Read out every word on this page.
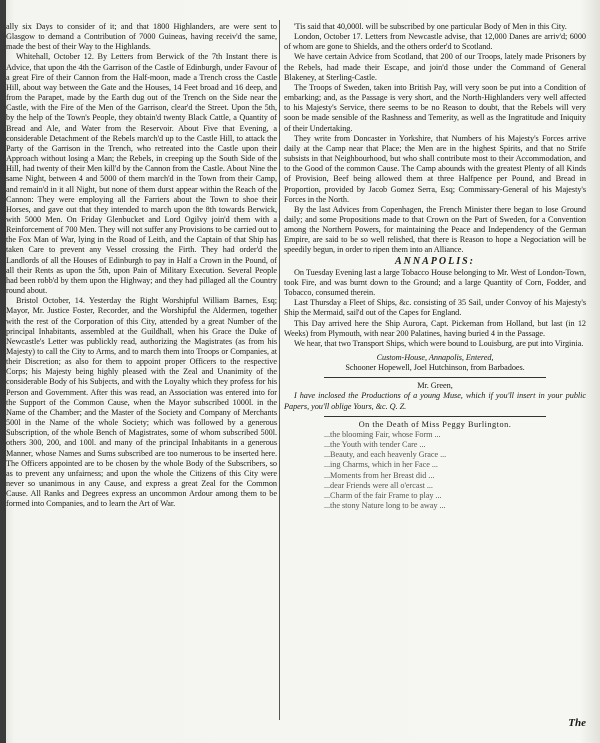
ally six Days to consider of it; and that 1800 Highlanders, are were sent to Glasgow to demand a Contribution of 7000 Guineas, having receiv'd the same, made the best of their Way to the Highlands.

Whitehall, October 12. By Letters from Berwick of the 7th Instant there is Advice, that upon the 4th the Garrison of the Castle of Edinburgh, under Favour of a great Fire of their Cannon from the Half-moon, made a Trench cross the Castle Hill, about way between the Gate and the Houses, 14 Feet broad and 16 deep, and from the Parapet, made by the Earth dug out of the Trench on the Side near the Castle, with the Fire of the Men of the Garrison, clear'd the Street. Upon the 5th, by the help of the Town's People, they obtain'd twenty Black Cattle, a Quantity of Bread and Ale, and Water from the Reservoir. About Five that Evening, a considerable Detachment of the Rebels march'd up to the Castle Hill, to attack the Party of the Garrison in the Trench, who retreated into the Castle upon their Approach without losing a Man; the Rebels, in creeping up the South Side of the Hill, had twenty of their Men kill'd by the Cannon from the Castle. About Nine the same Night, between 4 and 5000 of them march'd in the Town from their Camp, and remain'd in it all Night, but none of them durst appear within the Reach of the Cannon: They were employing all the Farriers about the Town to shoe their Horses, and gave out that they intended to march upon the 8th towards Berwick, with 5000 Men. On Friday Glenbucket and Lord Ogilvy join'd them with a Reinforcement of 700 Men. They will not suffer any Provisions to be carried out to the Fox Man of War, lying in the Road of Leith, and the Captain of that Ship has taken Care to prevent any Vessel crossing the Firth. They had order'd the Landlords of all the Houses of Edinburgh to pay in Half a Crown in the Pound, of all their Rents as upon the 5th, upon Pain of Military Execution. Several People had been robb'd by them upon the Highway; and they had pillaged all the Country round about.

Bristol October, 14. Yesterday the Right Worshipful William Barnes, Esq; Mayor, Mr. Justice Foster, Recorder, and the Worshipful the Aldermen, together with the rest of the Corporation of this City, attended by a great Number of the principal Inhabitants, assembled at the Guildhall, when his Grace the Duke of Newcastle's Letter was publickly read, authorizing the Magistrates (as from his Majesty) to call the City to Arms, and to march them into Troops or Companies, at their Discretion; as also for them to appoint proper Officers to the respective Corps; his Majesty being highly pleased with the Zeal and Unanimity of the considerable Body of his Subjects, and with the Loyalty which they profess for his Person and Government. After this was read, an Association was entered into for the Support of the Common Cause, when the Mayor subscribed 1000l. in the Name of the Chamber; and the Master of the Society and Company of Merchants 500l in the Name of the whole Society; which was followed by a generous Subscription, of the whole Bench of Magistrates, some of whom subscribed 500l. others 300, 200, and 100l. and many of the principal Inhabitants in a generous Manner, whose Names and Sums subscribed are too numerous to be inserted here. The Officers appointed are to be chosen by the whole Body of the Subscribers, so as to prevent any unfairness; and upon the whole the Citizens of this City were never so unanimous in any Cause, and express a great Zeal for the Common Cause. All Ranks and Degrees express an uncommon Ardour among them to be formed into Companies, and to learn the Art of War.

'Tis said that 40,000l. will be subscribed by one particular Body of Men in this City.

London, October 17. Letters from Newcastle advise, that 12,000 Danes are arriv'd; 6000 of whom are gone to Shields, and the others order'd to Scotland.

We have certain Advice from Scotland, that 200 of our Troops, lately made Prisoners by the Rebels, had made their Escape, and join'd those under the Command of General Blakeney, at Sterling-Castle.

The Troops of Sweden, taken into British Pay, will very soon be put into a Condition of embarking; and, as the Passage is very short, and the North-Highlanders very well affected to his Majesty's Service, there seems to be no Reason to doubt, that the Rebels will very soon be made sensible of the Rashness and Temerity, as well as the Ingratitude and Iniquity of their Undertaking.

They write from Doncaster in Yorkshire, that Numbers of his Majesty's Forces arrive daily at the Camp near that Place; the Men are in the highest Spirits, and that no Strife subsists in that Neighbourhood, but who shall contribute most to their Accommodation, and to the Good of the common Cause. The Camp abounds with the greatest Plenty of all Kinds of Provision, Beef being allowed them at three Halfpence per Pound, and Bread in Proportion, provided by Jacob Gomez Serra, Esq; Commissary-General of his Majesty's Forces in the North.

By the last Advices from Copenhagen, the French Minister there began to lose Ground daily; and some Propositions made to that Crown on the Part of Sweden, for a Convention among the Northern Powers, for maintaining the Peace and Independency of the German Empire, are said to be so well relished, that there is Reason to hope a Negociation will be speedily begun, in order to ripen them into an Alliance.

ANNAPOLIS:

On Tuesday Evening last a large Tobacco House belonging to Mr. West of London-Town, took Fire, and was burnt down to the Ground; and a large Quantity of Corn, Fodder, and Tobacco, consumed therein.

Last Thursday a Fleet of Ships, &c. consisting of 35 Sail, under Convoy of his Majesty's Ship the Mermaid, sail'd out of the Capes for England.

This Day arrived here the Ship Aurora, Capt. Pickeman from Holland, but last (in 12 Weeks) from Plymouth, with near 200 Palatines, having buried 4 in the Passage.

We hear, that two Transport Ships, which were bound to Louisburg, are put into Virginia.

Custom-House, Annapolis, Entered,
Schooner Hopewell, Joel Hutchinson, from Barbadoes.
Mr. Green,

I have inclosed the Productions of a young Muse, which if you'll insert in your public Papers, you'll oblige Yours, &c. Q. Z.

On the Death of Miss Peggy Burlington.
...the blooming Fair, whose Form ...
...the Youth with tender Care ...
...Beauty, and each heavenly Grace ...
...ing Charms, which in her Face ...
...Moments from her Breast did ...
...dear Friends were all o'ercast ...
...Charm of the fair Frame to play ...
...the stony Nature long to be away ...
The
